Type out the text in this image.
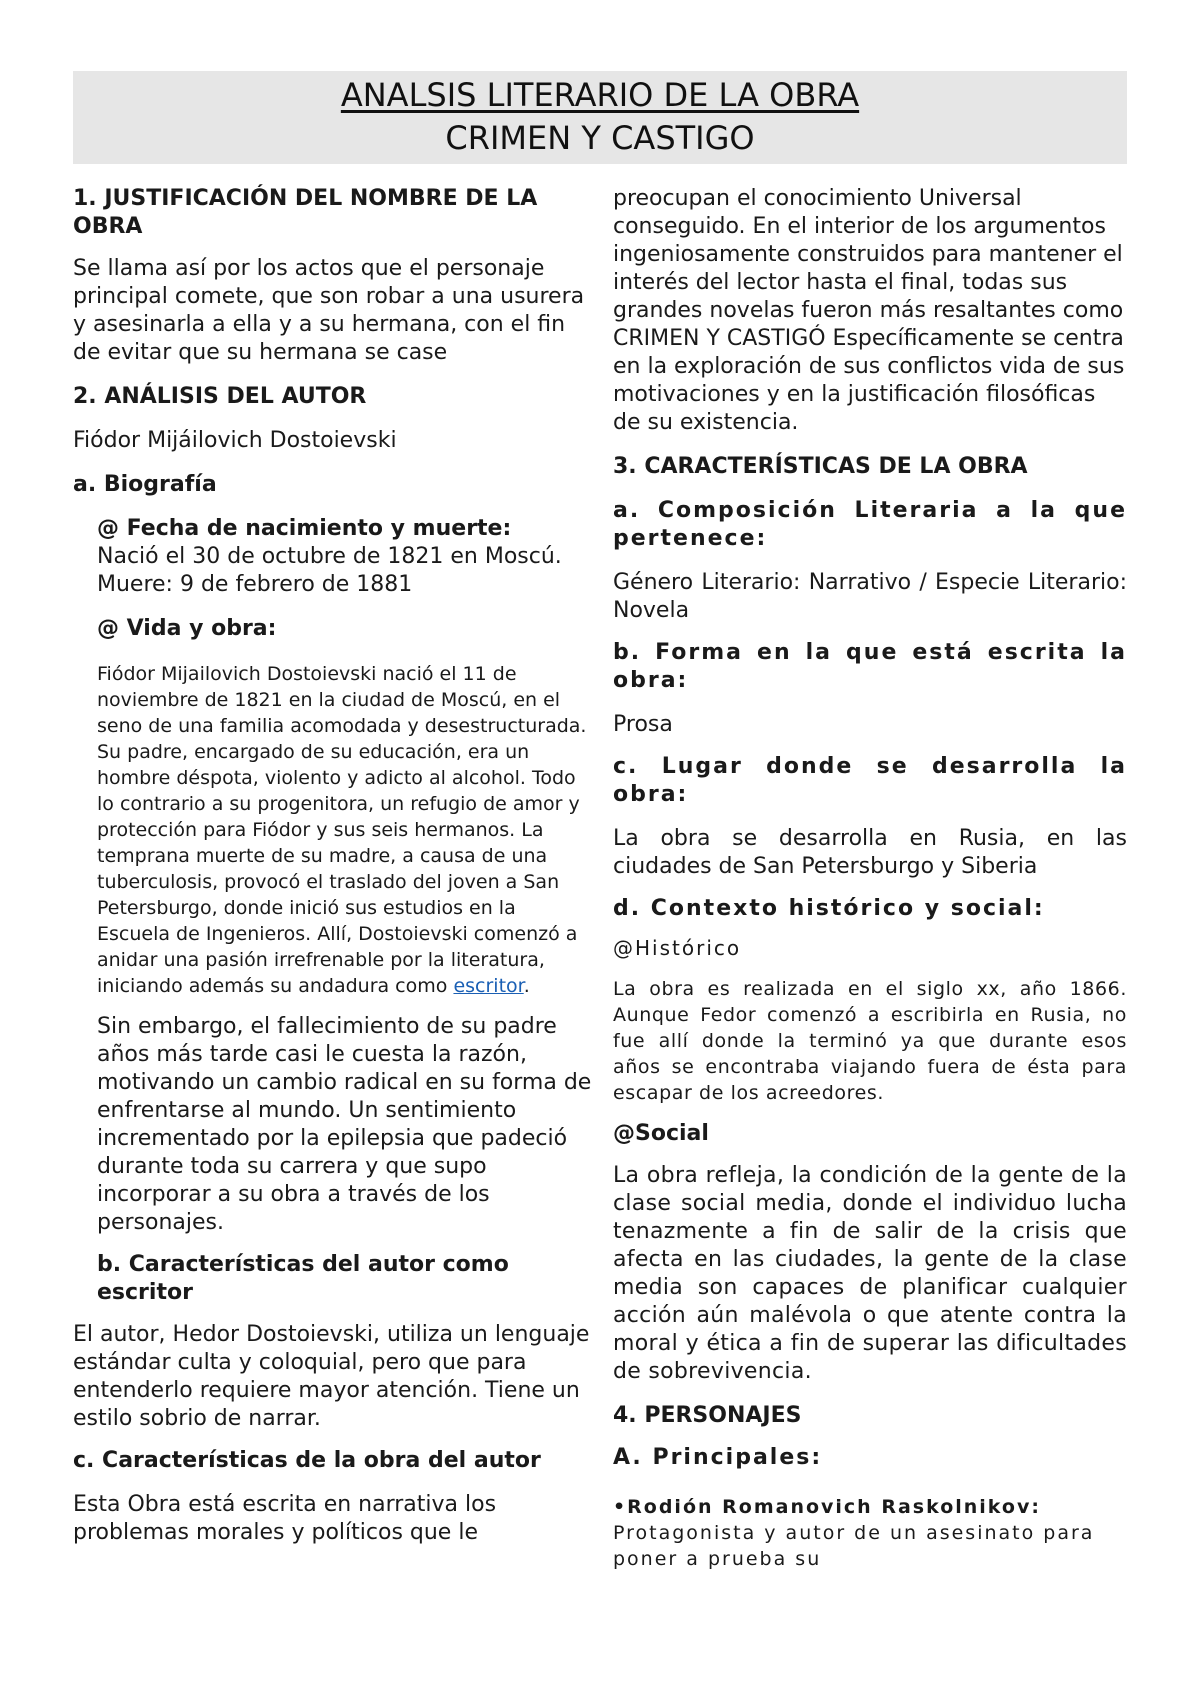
ANALSIS LITERARIO DE LA OBRA
CRIMEN Y CASTIGO
1. JUSTIFICACIÓN DEL NOMBRE DE LA OBRA

Se llama así por los actos que el personaje principal comete, que son robar a una usurera y asesinarla a ella y a su hermana, con el fin de evitar que su hermana se case

2. ANÁLISIS DEL AUTOR

Fiódor Mijáilovich Dostoievski

a. Biografía
@ Fecha de nacimiento y muerte:

Nació el 30 de octubre de 1821 en Moscú. Muere: 9 de febrero de 1881

@ Vida y obra:

Fiódor Mijailovich Dostoievski nació el 11 de noviembre de 1821 en la ciudad de Moscú, en el seno de una familia acomodada y desestructurada. Su padre, encargado de su educación, era un hombre déspota, violento y adicto al alcohol. Todo lo contrario a su progenitora, un refugio de amor y protección para Fiódor y sus seis hermanos. La temprana muerte de su madre, a causa de una tuberculosis, provocó el traslado del joven a San Petersburgo, donde inició sus estudios en la Escuela de Ingenieros. Allí, Dostoievski comenzó a anidar una pasión irrefrenable por la literatura, iniciando además su andadura como escritor.

Sin embargo, el fallecimiento de su padre años más tarde casi le cuesta la razón, motivando un cambio radical en su forma de enfrentarse al mundo. Un sentimiento incrementado por la epilepsia que padeció durante toda su carrera y que supo incorporar a su obra a través de los personajes.

b. Características del autor como escritor

El autor, Hedor Dostoievski, utiliza un lenguaje estándar culta y coloquial, pero que para entenderlo requiere mayor atención. Tiene un estilo sobrio de narrar.

c. Características de la obra del autor

Esta Obra está escrita en narrativa los problemas morales y políticos que le

preocupan el conocimiento Universal conseguido. En el interior de los argumentos ingeniosamente construidos para mantener el interés del lector hasta el final, todas sus grandes novelas fueron más resaltantes como CRIMEN Y CASTIGÓ Específicamente se centra en la exploración de sus conflictos vida de sus motivaciones y en la justificación filosóficas de su existencia.

3. CARACTERÍSTICAS DE LA OBRA
a. Composición Literaria a la que pertenece:

Género Literario: Narrativo / Especie Literario: Novela

b. Forma en la que está escrita la obra:

Prosa

c. Lugar donde se desarrolla la obra:

La obra se desarrolla en Rusia, en las ciudades de San Petersburgo y Siberia

d. Contexto histórico y social:
@Histórico

La obra es realizada en el siglo xx, año 1866. Aunque Fedor comenzó a escribirla en Rusia, no fue allí donde la terminó ya que durante esos años se encontraba viajando fuera de ésta para escapar de los acreedores.

@Social

La obra refleja, la condición de la gente de la clase social media, donde el individuo lucha tenazmente a fin de salir de la crisis que afecta en las ciudades, la gente de la clase media son capaces de planificar cualquier acción aún malévola o que atente contra la moral y ética a fin de superar las dificultades de sobrevivencia.

4. PERSONAJES
A. Principales:

•Rodión Romanovich Raskolnikov: Protagonista y autor de un asesinato para poner a prueba su
